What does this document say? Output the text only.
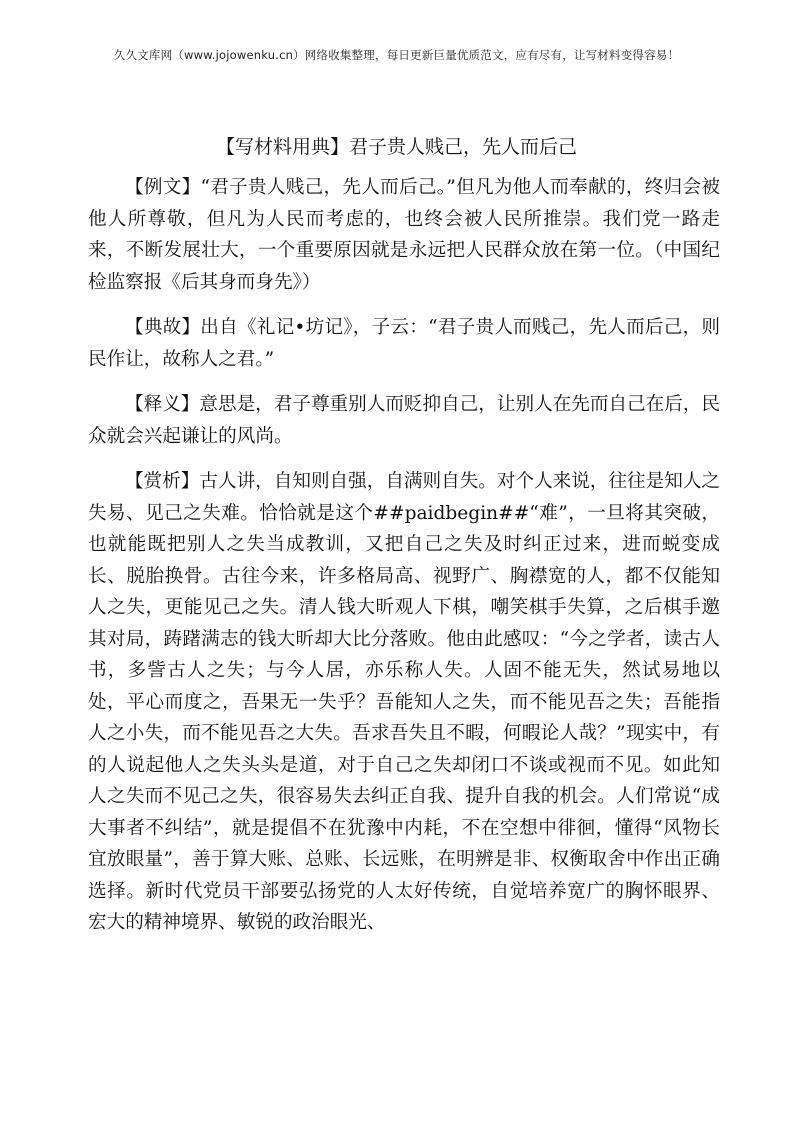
久久文库网（www.jojowenku.cn）网络收集整理，每日更新巨量优质范文，应有尽有，让写材料变得容易！
【写材料用典】君子贵人贱己，先人而后己

【例文】“君子贵人贱己，先人而后己。”但凡为他人而奉献的，终归会被他人所尊敬，但凡为人民而考虑的，也终会被人民所推崇。我们党一路走来，不断发展壮大，一个重要原因就是永远把人民群众放在第一位。（中国纪检监察报《后其身而身先》）

【典故】出自《礼记•坊记》，子云：“君子贵人而贱己，先人而后己，则民作让，故称人之君。”

【释义】意思是，君子尊重别人而贬抑自己，让别人在先而自己在后，民众就会兴起谦让的风尚。

【赏析】古人讲，自知则自强，自满则自失。对个人来说，往往是知人之失易、见己之失难。恰恰就是这个##paidbegin##“难”，一旦将其突破，也就能既把别人之失当成教训，又把自己之失及时纠正过来，进而蜕变成长、脱胎换骨。古往今来，许多格局高、视野广、胸襟宽的人，都不仅能知人之失，更能见己之失。清人钱大昕观人下棋，嘲笑棋手失算，之后棋手邀其对局，踌躇满志的钱大昕却大比分落败。他由此感叹：“今之学者，读古人书，多訾古人之失；与今人居，亦乐称人失。人固不能无失，然试易地以处，平心而度之，吾果无一失乎？吾能知人之失，而不能见吾之失；吾能指人之小失，而不能见吾之大失。吾求吾失且不暇，何暇论人哉？”现实中，有的人说起他人之失头头是道，对于自己之失却闭口不谈或视而不见。如此知人之失而不见己之失，很容易失去纠正自我、提升自我的机会。人们常说“成大事者不纠结”，就是提倡不在犹豫中内耗，不在空想中徘徊，懂得“风物长宜放眼量”，善于算大账、总账、长远账，在明辨是非、权衡取舍中作出正确选择。新时代党员干部要弘扬党的人太好传统，自觉培养宽广的胸怀眼界、宏大的精神境界、敏锐的政治眼光、
